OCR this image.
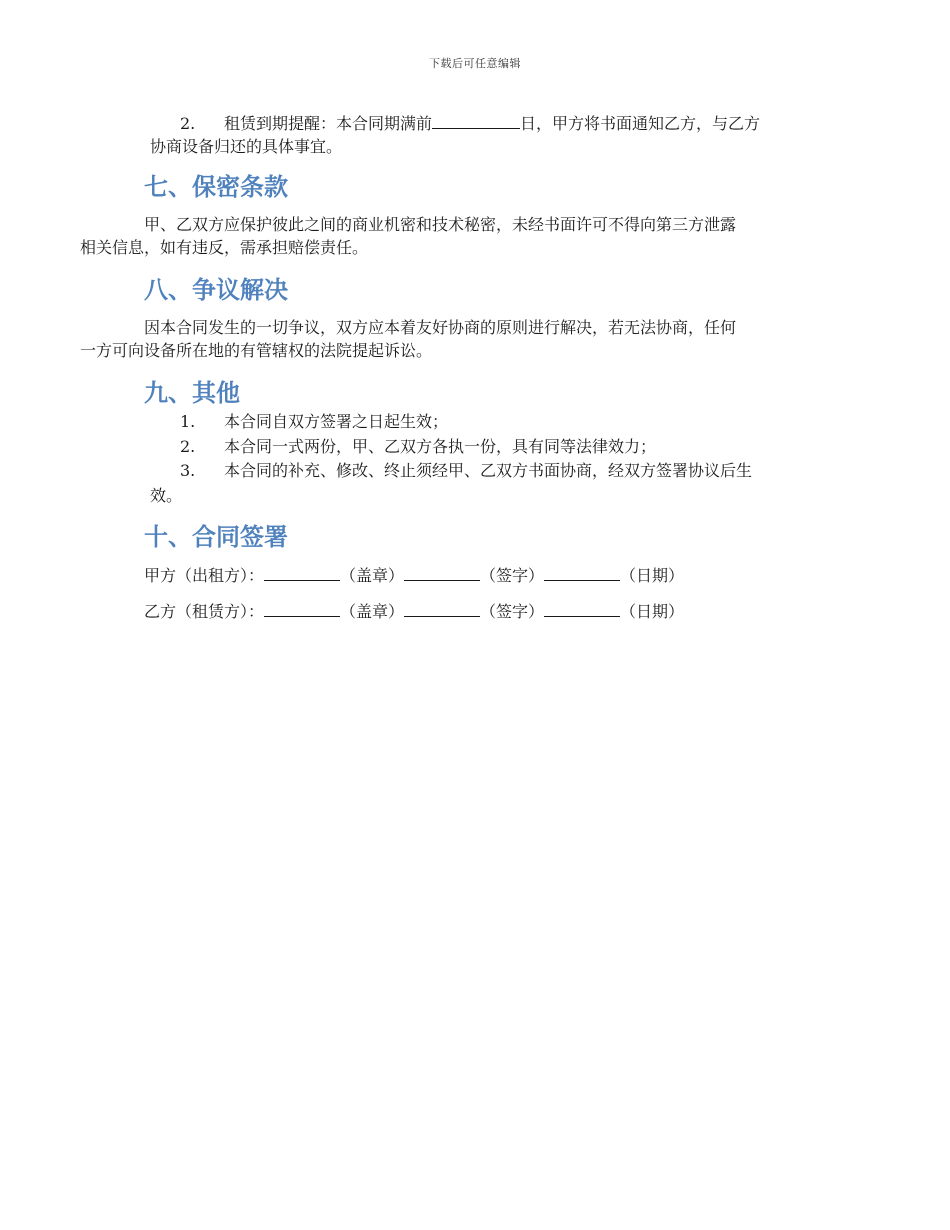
下载后可任意编辑
2. 租赁到期提醒：本合同期满前	日，甲方将书面通知乙方，与乙方
协商设备归还的具体事宜。
七、保密条款

甲、乙双方应保护彼此之间的商业机密和技术秘密，未经书面许可不得向第三方泄露
相关信息，如有违反，需承担赔偿责任。

八、争议解决

因本合同发生的一切争议，双方应本着友好协商的原则进行解决，若无法协商，任何
一方可向设备所在地的有管辖权的法院提起诉讼。

九、其他
1. 本合同自双方签署之日起生效；
2. 本合同一式两份，甲、乙双方各执一份，具有同等法律效力；
3. 本合同的补充、修改、终止须经甲、乙双方书面协商，经双方签署协议后生
效。
十、合同签署
甲方（出租方）：	（盖章）	（签字）	（日期）
乙方（租赁方）：	（盖章）	（签字）	（日期）
